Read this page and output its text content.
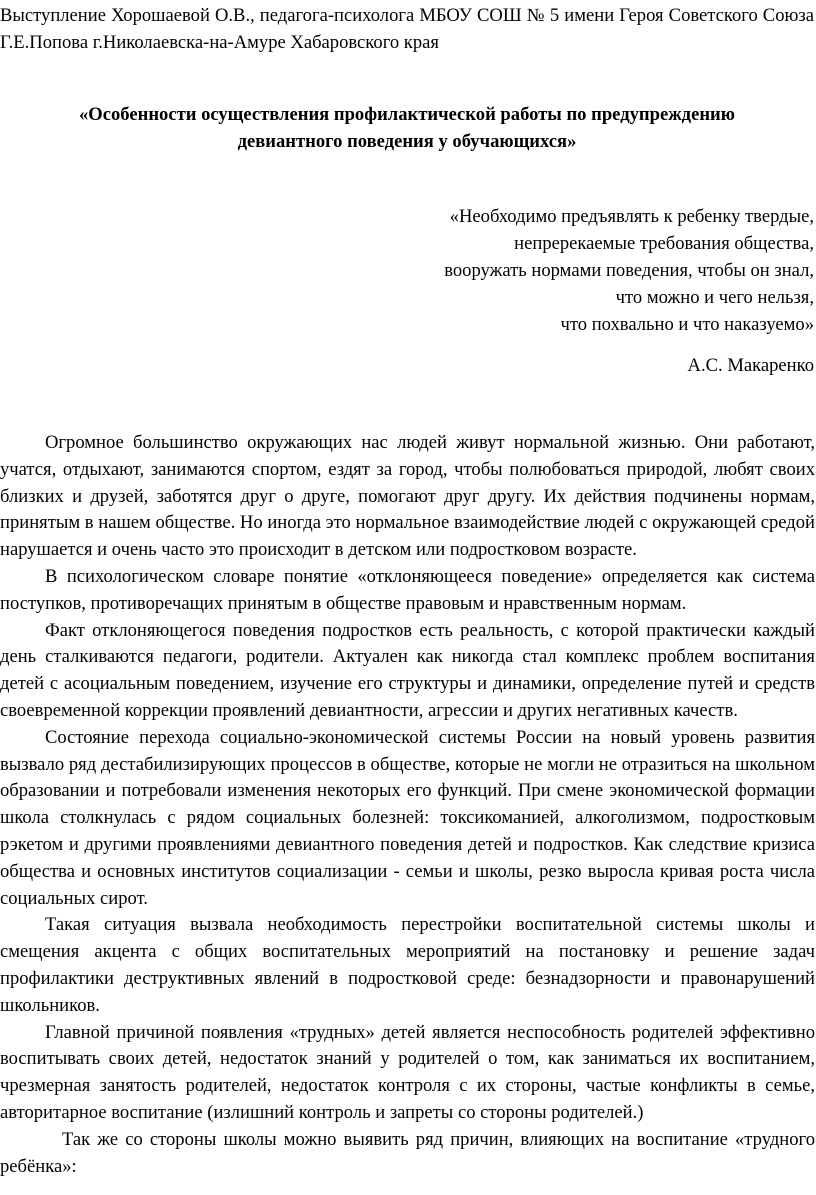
Выступление Хорошаевой О.В., педагога-психолога МБОУ СОШ № 5 имени Героя Советского Союза Г.Е.Попова г.Николаевска-на-Амуре Хабаровского края
«Особенности осуществления профилактической работы по предупреждению девиантного поведения у обучающихся»
«Необходимо предъявлять к ребенку твердые,
непререкаемые требования общества,
вооружать нормами поведения, чтобы он знал,
что можно и чего нельзя,
что похвально и что наказуемо»
А.С. Макаренко

Огромное большинство окружающих нас людей живут нормальной жизнью. Они работают, учатся, отдыхают, занимаются спортом, ездят за город, чтобы полюбоваться природой, любят своих близких и друзей, заботятся друг о друге, помогают друг другу. Их действия подчинены нормам, принятым в нашем обществе. Но иногда это нормальное взаимодействие людей с окружающей средой нарушается и очень часто это происходит в детском или подростковом возрасте.

В психологическом словаре понятие «отклоняющееся поведение» определяется как система поступков, противоречащих принятым в обществе правовым и нравственным нормам.

Факт отклоняющегося поведения подростков есть реальность, с которой практически каждый день сталкиваются педагоги, родители. Актуален как никогда стал комплекс проблем воспитания детей с асоциальным поведением, изучение его структуры и динамики, определение путей и средств своевременной коррекции проявлений девиантности, агрессии и других негативных качеств.

Состояние перехода социально-экономической системы России на новый уровень развития вызвало ряд дестабилизирующих процессов в обществе, которые не могли не отразиться на школьном образовании и потребовали изменения некоторых его функций. При смене экономической формации школа столкнулась с рядом социальных болезней: токсикоманией, алкоголизмом, подростковым рэкетом и другими проявлениями девиантного поведения детей и подростков. Как следствие кризиса общества и основных институтов социализации - семьи и школы, резко выросла кривая роста числа социальных сирот.

Такая ситуация вызвала необходимость перестройки воспитательной системы школы и смещения акцента с общих воспитательных мероприятий на постановку и решение задач профилактики деструктивных явлений в подростковой среде: безнадзорности и правонарушений школьников.

Главной причиной появления «трудных» детей является неспособность родителей эффективно воспитывать своих детей, недостаток знаний у родителей о том, как заниматься их воспитанием, чрезмерная занятость родителей, недостаток контроля с их стороны, частые конфликты в семье, авторитарное воспитание (излишний контроль и запреты со стороны родителей.)

Так же со стороны школы можно выявить ряд причин, влияющих на воспитание «трудного ребёнка»:
